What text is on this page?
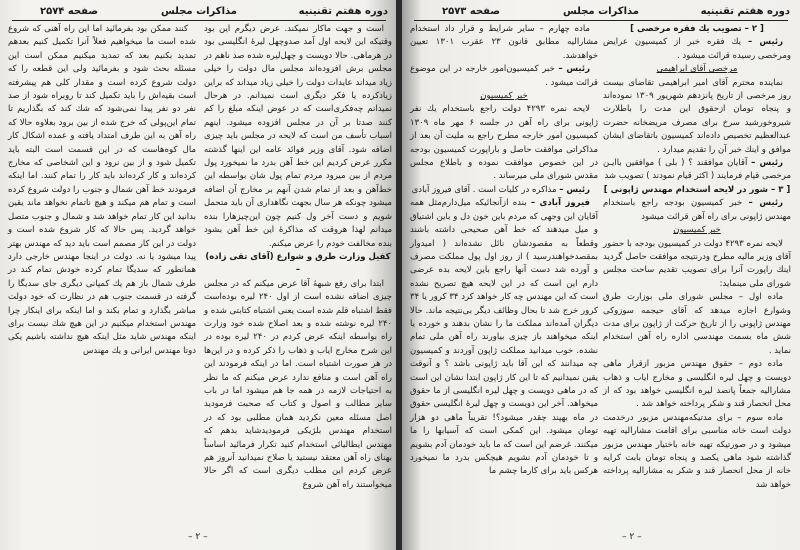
دوره هفتم تقنینیه
مذاکرات مجلس
صفحه ۲۵۷۴

است و جهت ماکار نمیکند. عرض دیگرم این بود وقتیکه این لایحه اول آمد صدوچهل لیرهٔ انگلیسی بود در هرماهی. حالا دویست و چهل‌لیره شده صد ناهم در مجلس برش افزوده‌اند مجلس مال دولت را خیلی زیاد میداند عایدات دولت را خیلی زیاد میداند که براین زیادکرده یا فکر دیگری است نمیدانم. در هرحال نمیدانم چه‌فکری‌است که در عوض اینکه مبلغ را کم کنند صدتا بر آن در مجلس افزوده میشود. اینهم اسباب تأسف من است که لایحه در مجلس باید چیزی اضافه شود. آقای وزیر فوائد عامه این اینها گذشته مکرر عرض کردیم این خط آهن بدرد ما نمیخورد پول مردم از بین میرود مردم تمام پول شان بواسطه این خط‌آهن و بعد از تمام شدن آنهم بر مخارج آن اضافه میشود چونکه هر سال بجهت نگاهداری آن باید متحمل شویم و دست آخر ول کنیم چون این‌چیزهارا بنده میدانم لهذا هروقت که مذاکرهٔ این خط آهن بشود بنده مخالفت خودم را عرض میکنم.

کفیل وزارت طرق و شوارع (آقای تقی زاده) –

ابتدا برای رفع شبههٔ آقا عرض میکنم که در مجلس چیزی اضافه نشده است از اول ۲۴۰ لیره بوده‌است فقط اشتباه قلم شده است یعنی اشتباه کتابتی شده و ۲۴۰ لیره نوشته شده و بعد اصلاح شده خود وزارت راه بواسطه اینکه عرض کردم در ۲۴۰ لیره بوده در این شرح مخارج ایاب و ذهاب را ذکر کرده و در این‌ها در هر صورت اشتباه است. اما در اینکه فرمودند این راه آهن است و منافع ندارد عرض میکنم که ما نظر به احتیاجات لازمه در همه جا هم میشود اما در باب سایر مطالب و اصول و کتاب که صحبت فرمودید اصل مسئله معین نکردید همان مطلبی بود که در استخدام مهندس بلژیکی فرمودید‌شاید بدهم که مهندس ایطالیائی استخدام کنید تکرار فرمائید اساساً بهنای راه آهن معتقد نیستید یا صلاح نمیدانید آنروز هم عرض کردم این مطلب دیگری است که اگر حالا میخواستند راه آهن شروع

کنند ممکن بود بفرمائید اما این راه آهنی که شروع شده است ما میخواهیم فعلاً آنرا تکمیل کنیم بعدهم تمدید بکنیم بعد که تمدید میکنیم ممکن است این مسئله بحث شود و بفرمائید ولی این قطعه را که دولت شروع کرده است و مقدار کلی هم پیشرفته است بقیه‌اش را باید تکمیل کند تا روبراه شود از صد نفر دو نفر پیدا نمی‌شود که شك کند که بگذاریم تا تمام این‌پولی که خرج شده از بین برود بعلاوه حالا که راه آهن به این طرف امتداد یافته و عمده اشکال کار مال کوه‌هاست که در این قسمت است البته باید تکمیل شود و از بین نرود و این اشخاصی که مخارج کرده‌اند و کار کرده‌اند باید کار را تمام کنند. اما اینکه فرمودند خط آهن شمال و جنوب را دولت شروع کرده است و تمام هم میکند و هیچ ناتمام نخواهد ماند یقین بدانید این کار تمام خواهد شد و شمال و جنوب متصل خواهد گردید. پس حالا که کار شروع شده است و دولت در این کار مصمم است باید دید که مهندس بهتر پیدا میشود یا نه. دولت در اینجا مهندس خارجی دارد همانطور که سدیگا تمام کرده خودش تمام کند در طرف شمال باز هم یك کمپانی دیگری جای سدیگا را گرفته در قسمت جنوب هم در نظارت که خود دولت مباشر بگذارد و تمام بکند و اما اینکه برای اینکار چرا مهندس استخدام میکنیم در این هیچ شك نیست برای اینکه مهندس شاید مثل اینکه هیچ نداشته باشیم یکی دوتا مهندس ایرانی و یك مهندس

– ۲ –
دوره هفتم تقنینیه
مذاکرات مجلس
صفحه ۲۵۷۳

[ ۲ – تصویب یك فقره مرخصی ]

رئیس – یك فقره خبر از کمیسیون عرایض ومرخصی رسیده قرائت میشود .

مرخصی آقای ابراهیمی

نماینده محترم آقای امیر ابراهیمی تقاضای بیست روز مرخصی از تاریخ پانزدهم شهریور ۱۳۰۹ نموده‌اند و پنجاه تومان ازحقوق این مدت را باطلارت شیروخورشید سرخ برای مصرف مریضخانه حضرت عبدالعظیم تخصیص داده‌اند کمیسیون باتقاضای ایشان موافق و اینك خبر آن را تقدیم میدارد .

رئیس – آقایان موافقند ؟ ( بلی ) موافقین باایـن مرخصی قیام فرمایند ( اکثر قیام نمودند ) تصویب شد

[ ۳ – شور در لایحه استخدام مهندس ژاپونی ]

رئیس – خبر کمیسیون بودجه راجع باستخدام مهندس ژاپونی برای راه آهن قرائت میشود

خبر کمیسیون

لایحه نمره ۴۲۹۳ دولت در کمیسیون بودجه با حضور آقای وزیر مالیه مطرح ودرنتیجه موافقت حاصل گردید اینك راپورت آنرا برای تصویب تقدیم ساحت مجلس شورای ملی مینماید:

ماده اول – مجلس شورای ملی بوزارت طرق وشوارع اجازه میدهد که آقای حیجمه سوزوکی مهندس ژاپونی را از تاریخ حرکت از ژاپون برای مدت شش ماه بسمت مهندسی اداره راه آهن استخدام نماید .

ماده دوم – حقوق مهندس مزبور ازقرار ماهی دویست و چهل لیره انگلیسی و مخارج ایاب و ذهاب مشارالیه جمعاً پانصد لیره انگلیسی خواهد بود که از محل انحصار قند و شکر پرداخته خواهد شد .

ماده سوم – برای مدتیکه‌مهندس مزبور درخدمت دولت است خانه مناسبی برای اقامت مشارالیه تهیه میشود و در صورتیکه تهیه خانه باختیار مهندس مزبور گذاشته شود ماهی یکصد و پنجاه تومان بابت کرایه خانه از محل انحصار قند و شکر به مشارالیه پرداخته خواهد شد

ماده چهارم – سایر شرایط و قرار داد استخدام مشارالیه مطابق قانون ۲۳ عقرب ۱۳۰۱ تعیین خواهدشد.

رئیس – خبر کمیسیون‌امور خارجه در این موضوع قرائت میشود .

خبر کمیسیون

لایحه نمره ۴۲۹۳ دولت راجع باستخدام یك نفر ژاپونی برای راه آهن در جلسه ۶ مهر ماه ۱۳۰۹ کمیسیون امور خارجه مطرح راجع به ملیت آن بعد از مذاکراتی موافقت حاصل و باراپورت کمیسیون بودجه در این خصوص موافقت نموده و باطلاع مجلس مقدس شورای ملی میرساند .

رئیس – مذاکره در کلیات است . آقای فیروز آبادی

فیروز آبادی – بنده ازآنجائیکه میل‌دارم‌مثل همه آقایان این وجهی که مردم باین خون دل و باین اشتیاق و میل میدهند که خط آهن صحیحی داشته باشند وقطعاً به مقصودشان نائل نشده‌اند ( امیدوار بمقصدخواهندرسید ) از روز اول پول مملکت مصرف و آورده شد دست آنها راجع باین لایحه بده عرضی دارم این است که در این لایحه هیچ تصریح نشده است که این مهندس چه کار خواهد کرد ۳۴ کرور یا ۳۴ کرور خرج شد تا بحال وظائف دیگر بی‌نتیجه ماند. حالا دیگران آمده‌اند مملکت ما را نشان بدهند و خورده یا اینکه میخواهند باز چیزی بیاورند راه آهن ملی تمام نشده. خوب میدانید مملکت ژاپون آوردند و کمیسیون چه میدانند که این آقا باید ژاپونی باشد ؟ و آنوقت یقین نمیدانیم که تا این کار ژاپون ابتدا نشان این است که در ماهی دویست و چهل لیره انگلیسی از ما حقوق میخواهد. آخر این دویست و چهل لیرهٔ انگلیسی حقوق در ماه بهپند چقدر میشود؟! تقریباً ماهی دو هزار تومان میشود. این کمکی است که آسیابها را ما میکنند. غرضم این است که ما باید خودمان آدم بشویم و تا خودمان آدم نشویم هیچکس بدرد ما نمیخورد هرکس باید برای کارما چشم ما

– ۲ –
